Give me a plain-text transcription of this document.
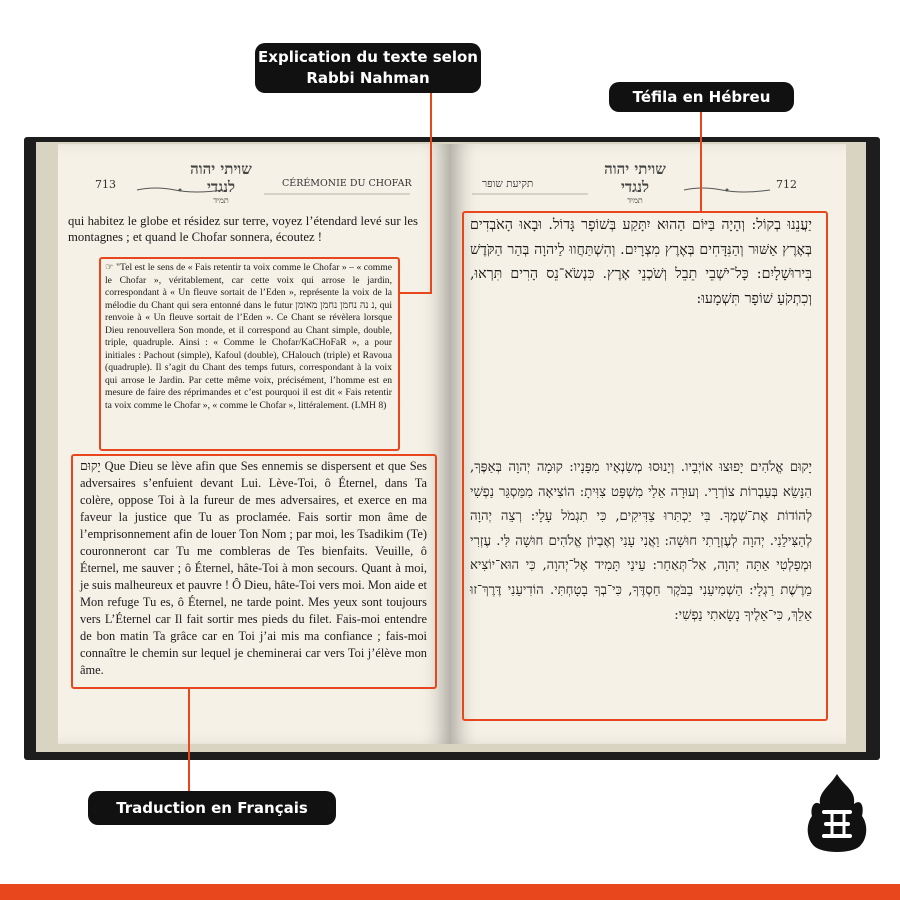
713
שויתי יהוה לנגדי
תמיד
CÉRÉMONIE DU CHOFAR	תקיעת שופר
שויתי יהוה לנגדי
תמיד
712
qui habitez le globe et résidez sur terre, voyez l’étendard levé sur les montagnes ; et quand le Chofar sonnera, écoutez !
☞ "Tel est le sens de « Fais retentir ta voix comme le Chofar » – « comme le Chofar », véritablement, car cette voix qui arrose le jardin, correspondant à « Un fleuve sortait de l’Eden », représente la voix de la mélodie du Chant qui sera entonné dans le futur נ נה נחמן נחמן מאומן, qui renvoie à « Un fleuve sortait de l’Eden ». Ce Chant se révèlera lorsque Dieu renouvellera Son monde, et il correspond au Chant simple, double, triple, quadruple. Ainsi : « Comme le Chofar/KaCHoFaR », a pour initiales : Pachout (simple), Kafoul (double), CHalouch (triple) et Ravoua (quadruple). Il s’agit du Chant des temps futurs, correspondant à la voix qui arrose le Jardin. Par cette même voix, précisément, l’homme est en mesure de faire des réprimandes et c’est pourquoi il est dit « Fais retentir ta voix comme le Chofar », « comme le Chofar », littéralement. (LMH 8)
יָקוּם Que Dieu se lève afin que Ses ennemis se dispersent et que Ses adversaires s’enfuient devant Lui. Lève-Toi, ô Éternel, dans Ta colère, oppose Toi à la fureur de mes adversaires, et exerce en ma faveur la justice que Tu as proclamée. Fais sortir mon âme de l’emprisonnement afin de louer Ton Nom ; par moi, les Tsadikim (Te) couronneront car Tu me combleras de Tes bienfaits. Veuille, ô Éternel, me sauver ; ô Éternel, hâte-Toi à mon secours. Quant à moi, je suis malheureux et pauvre ! Ô Dieu, hâte-Toi vers moi. Mon aide et Mon refuge Tu es, ô Éternel, ne tarde point. Mes yeux sont toujours vers L’Éternel car Il fait sortir mes pieds du filet. Fais-moi entendre de bon matin Ta grâce car en Toi j’ai mis ma confiance ; fais-moi connaître le chemin sur lequel je cheminerai car vers Toi j’élève mon âme.
יַעֲנֵנוּ בְקוֹל: וְהָיָה בַּיּוֹם הַהוּא יִתָּקַע בְּשׁוֹפָר גָּדוֹל. וּבָאוּ הָאֹבְדִים בְּאֶרֶץ אַשּׁוּר וְהַנִּדָּחִים בְּאֶרֶץ מִצְרָיִם. וְהִשְׁתַּחֲווּ לַיהוָה בְּהַר הַקֹּדֶשׁ בִּירוּשָׁלָיִם: כָּל־יֹשְׁבֵי תֵבֵל וְשֹׁכְנֵי אָרֶץ. כִּנְשֹׂא־נֵס הָרִים תִּרְאוּ, וְכִתְקֹעַ שׁוֹפָר תִּשְׁמָעוּ:
יָקוּם אֱלֹהִים יָפוּצוּ אוֹיְבָיו. וְיָנוּסוּ מְשַׂנְאָיו מִפָּנָיו: קוּמָה יְהוָה בְּאַפֶּךָ, הִנָּשֵׂא בְּעַבְרוֹת צוֹרְרָי. וְעוּרָה אֵלַי מִשְׁפָּט צִוִּיתָ: הוֹצִיאָה מִמַּסְגֵּר נַפְשִׁי לְהוֹדוֹת אֶת־שְׁמֶךָ. בִּי יַכְתִּרוּ צַדִּיקִים, כִּי תִגְמֹל עָלָי: רְצֵה יְהוָה לְהַצִּילֵנִי. יְהוָה לְעֶזְרָתִי חוּשָׁה: וַאֲנִי עָנִי וְאֶבְיוֹן אֱלֹהִים חוּשָׁה לִּי. עֶזְרִי וּמְפַלְטִי אַתָּה יְהוָה, אַל־תְּאַחַר: עֵינַי תָּמִיד אֶל־יְהוָה, כִּי הוּא־יוֹצִיא מֵרֶשֶׁת רַגְלָי: הַשְׁמִיעֵנִי בַבֹּקֶר חַסְדֶּךָ, כִּי־בְךָ בָטָחְתִּי. הוֹדִיעֵנִי דֶּרֶךְ־זוּ אֵלֵךְ, כִּי־אֵלֶיךָ נָשָׂאתִי נַפְשִׁי:
Explication du texte selon Rabbi Nahman
Téfila en Hébreu
Traduction en Français
